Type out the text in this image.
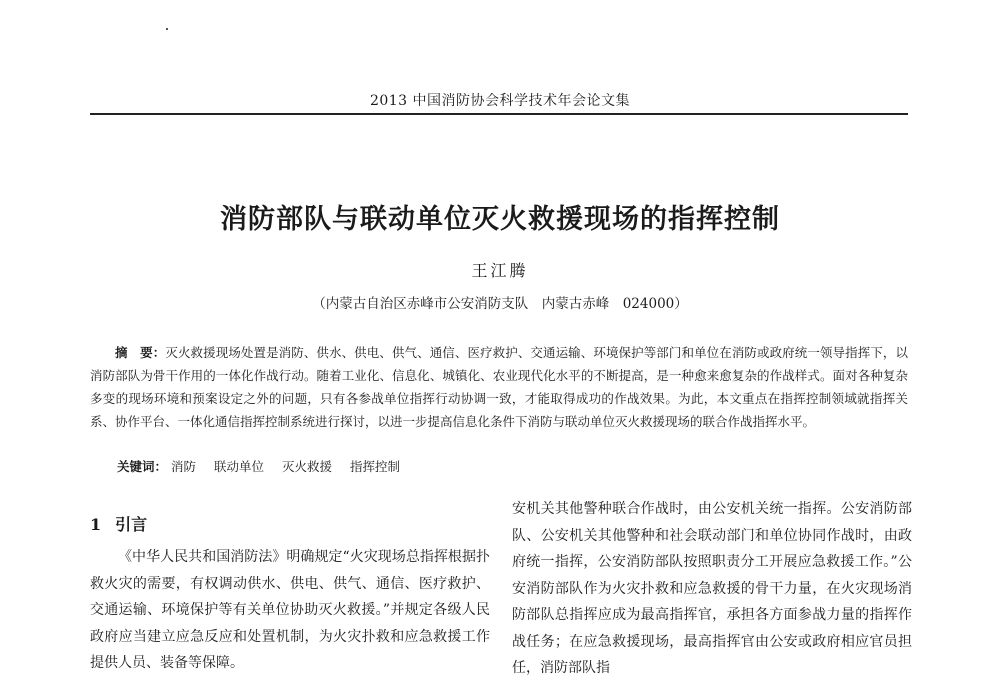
2013 中国消防协会科学技术年会论文集
消防部队与联动单位灭火救援现场的指挥控制
王江腾
（内蒙古自治区赤峰市公安消防支队　内蒙古赤峰　024000）
摘　要：灭火救援现场处置是消防、供水、供电、供气、通信、医疗救护、交通运输、环境保护等部门和单位在消防或政府统一领导指挥下，以消防部队为骨干作用的一体化作战行动。随着工业化、信息化、城镇化、农业现代化水平的不断提高，是一种愈来愈复杂的作战样式。面对各种复杂多变的现场环境和预案设定之外的问题，只有各参战单位指挥行动协调一致，才能取得成功的作战效果。为此，本文重点在指挥控制领域就指挥关系、协作平台、一体化通信指挥控制系统进行探讨，以进一步提高信息化条件下消防与联动单位灭火救援现场的联合作战指挥水平。
关键词： 消防 联动单位 灭火救援 指挥控制
1 引言
《中华人民共和国消防法》明确规定“火灾现场总指挥根据扑救火灾的需要，有权调动供水、供电、供气、通信、医疗救护、交通运输、环境保护等有关单位协助灭火救援。”并规定各级人民政府应当建立应急反应和处置机制，为火灾扑救和应急救援工作提供人员、装备等保障。
安机关其他警种联合作战时，由公安机关统一指挥。公安消防部队、公安机关其他警种和社会联动部门和单位协同作战时，由政府统一指挥，公安消防部队按照职责分工开展应急救援工作。”公安消防部队作为火灾扑救和应急救援的骨干力量，在火灾现场消防部队总指挥应成为最高指挥官，承担各方面参战力量的指挥作战任务；在应急救援现场，最高指挥官由公安或政府相应官员担任，消防部队指
